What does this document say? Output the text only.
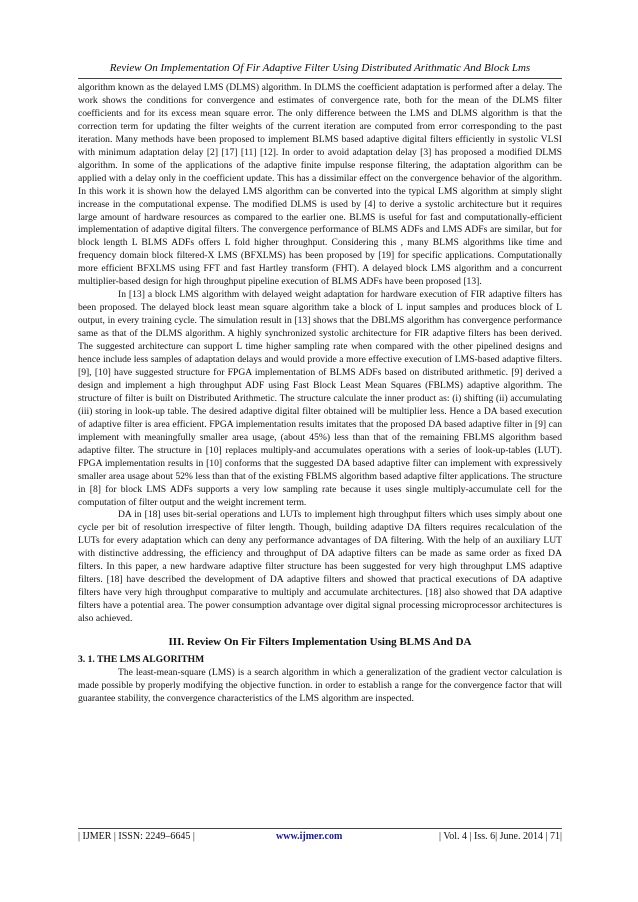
Review On Implementation Of Fir Adaptive Filter Using Distributed Arithmatic And Block Lms

algorithm known as the delayed LMS (DLMS) algorithm. In DLMS the coefficient adaptation is performed after a delay. The work shows the conditions for convergence and estimates of convergence rate, both for the mean of the DLMS filter coefficients and for its excess mean square error. The only difference between the LMS and DLMS algorithm is that the correction term for updating the filter weights of the current iteration are computed from error corresponding to the past iteration. Many methods have been proposed to implement BLMS based adaptive digital filters efficiently in systolic VLSI with minimum adaptation delay [2] [17] [11] [12]. In order to avoid adaptation delay [3] has proposed a modified DLMS algorithm. In some of the applications of the adaptive finite impulse response filtering, the adaptation algorithm can be applied with a delay only in the coefficient update. This has a dissimilar effect on the convergence behavior of the algorithm. In this work it is shown how the delayed LMS algorithm can be converted into the typical LMS algorithm at simply slight increase in the computational expense. The modified DLMS is used by [4] to derive a systolic architecture but it requires large amount of hardware resources as compared to the earlier one. BLMS is useful for fast and computationally-efficient implementation of adaptive digital filters. The convergence performance of BLMS ADFs and LMS ADFs are similar, but for block length L BLMS ADFs offers L fold higher throughput. Considering this , many BLMS algorithms like time and frequency domain block filtered-X LMS (BFXLMS) has been proposed by [19] for specific applications. Computationally more efficient BFXLMS using FFT and fast Hartley transform (FHT). A delayed block LMS algorithm and a concurrent multiplier-based design for high throughput pipeline execution of BLMS ADFs have been proposed [13].

In [13] a block LMS algorithm with delayed weight adaptation for hardware execution of FIR adaptive filters has been proposed. The delayed block least mean square algorithm take a block of L input samples and produces block of L output, in every training cycle. The simulation result in [13] shows that the DBLMS algorithm has convergence performance same as that of the DLMS algorithm. A highly synchronized systolic architecture for FIR adaptive filters has been derived. The suggested architecture can support L time higher sampling rate when compared with the other pipelined designs and hence include less samples of adaptation delays and would provide a more effective execution of LMS-based adaptive filters. [9], [10] have suggested structure for FPGA implementation of BLMS ADFs based on distributed arithmetic. [9] derived a design and implement a high throughput ADF using Fast Block Least Mean Squares (FBLMS) adaptive algorithm. The structure of filter is built on Distributed Arithmetic. The structure calculate the inner product as: (i) shifting (ii) accumulating (iii) storing in look-up table. The desired adaptive digital filter obtained will be multiplier less. Hence a DA based execution of adaptive filter is area efficient. FPGA implementation results imitates that the proposed DA based adaptive filter in [9] can implement with meaningfully smaller area usage, (about 45%) less than that of the remaining FBLMS algorithm based adaptive filter. The structure in [10] replaces multiply-and accumulates operations with a series of look-up-tables (LUT). FPGA implementation results in [10] conforms that the suggested DA based adaptive filter can implement with expressively smaller area usage about 52% less than that of the existing FBLMS algorithm based adaptive filter applications. The structure in [8] for block LMS ADFs supports a very low sampling rate because it uses single multiply-accumulate cell for the computation of filter output and the weight increment term.

DA in [18] uses bit-serial operations and LUTs to implement high throughput filters which uses simply about one cycle per bit of resolution irrespective of filter length. Though, building adaptive DA filters requires recalculation of the LUTs for every adaptation which can deny any performance advantages of DA filtering. With the help of an auxiliary LUT with distinctive addressing, the efficiency and throughput of DA adaptive filters can be made as same order as fixed DA filters. In this paper, a new hardware adaptive filter structure has been suggested for very high throughput LMS adaptive filters. [18] have described the development of DA adaptive filters and showed that practical executions of DA adaptive filters have very high throughput comparative to multiply and accumulate architectures. [18] also showed that DA adaptive filters have a potential area. The power consumption advantage over digital signal processing microprocessor architectures is also achieved.

III. Review On Fir Filters Implementation Using BLMS And DA
3. 1. THE LMS ALGORITHM

The least-mean-square (LMS) is a search algorithm in which a generalization of the gradient vector calculation is made possible by properly modifying the objective function. in order to establish a range for the convergence factor that will guarantee stability, the convergence characteristics of the LMS algorithm are inspected.

| IJMER | ISSN: 2249–6645 |	www.ijmer.com	| Vol. 4 | Iss. 6| June. 2014 | 71|
